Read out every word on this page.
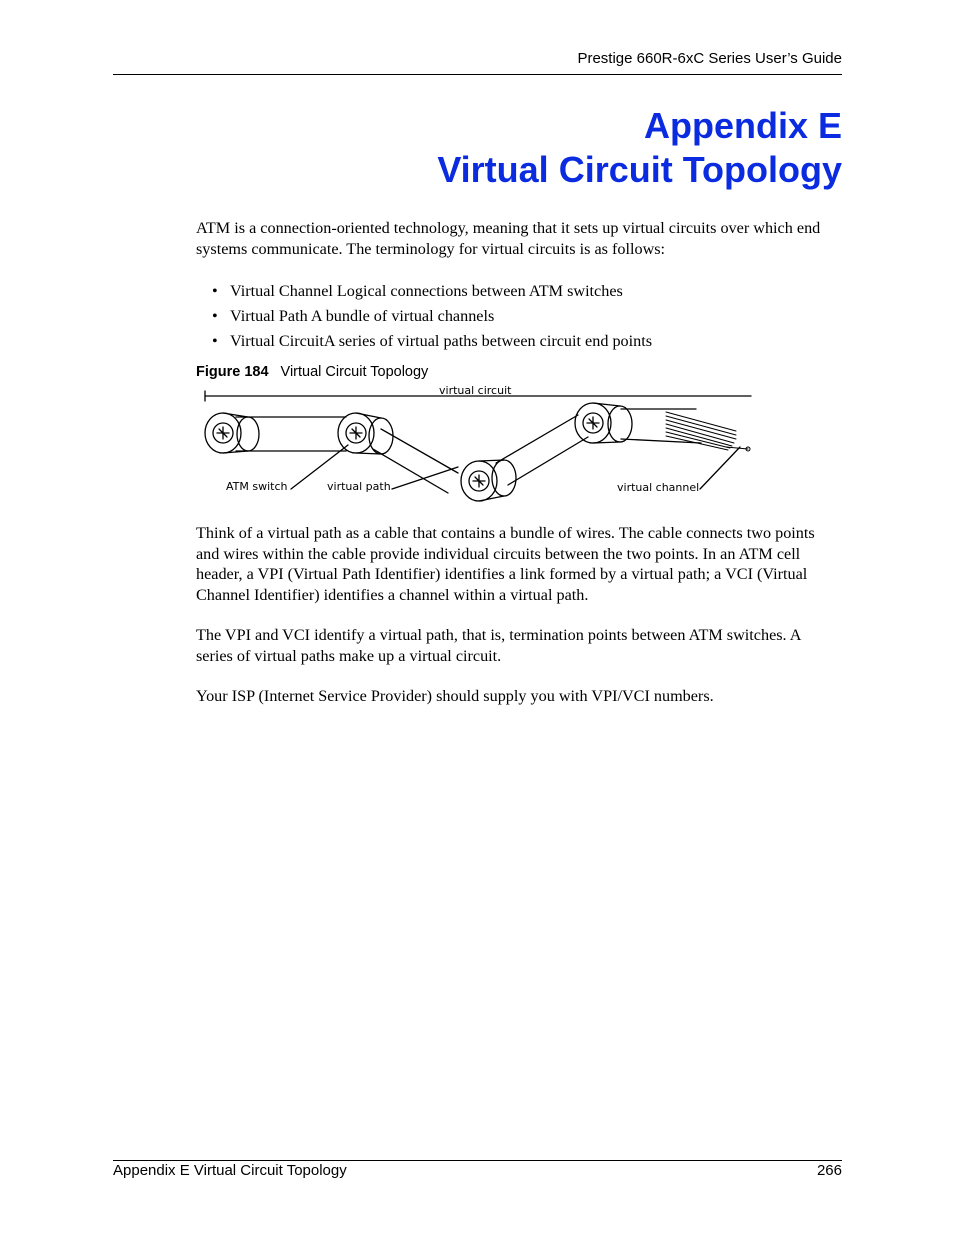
Prestige 660R-6xC Series User’s Guide
Appendix E
Virtual Circuit Topology

ATM is a connection-oriented technology, meaning that it sets up virtual circuits over which end systems communicate. The terminology for virtual circuits is as follows:

• Virtual Channel Logical connections between ATM switches
• Virtual Path A bundle of virtual channels
• Virtual CircuitA series of virtual paths between circuit end points
Figure 184 Virtual Circuit Topology
virtual circuit
ATM switch	virtual path	virtual channel

Think of a virtual path as a cable that contains a bundle of wires. The cable connects two points and wires within the cable provide individual circuits between the two points. In an ATM cell header, a VPI (Virtual Path Identifier) identifies a link formed by a virtual path; a VCI (Virtual Channel Identifier) identifies a channel within a virtual path.

The VPI and VCI identify a virtual path, that is, termination points between ATM switches. A series of virtual paths make up a virtual circuit.

Your ISP (Internet Service Provider) should supply you with VPI/VCI numbers.

Appendix E Virtual Circuit Topology	266
